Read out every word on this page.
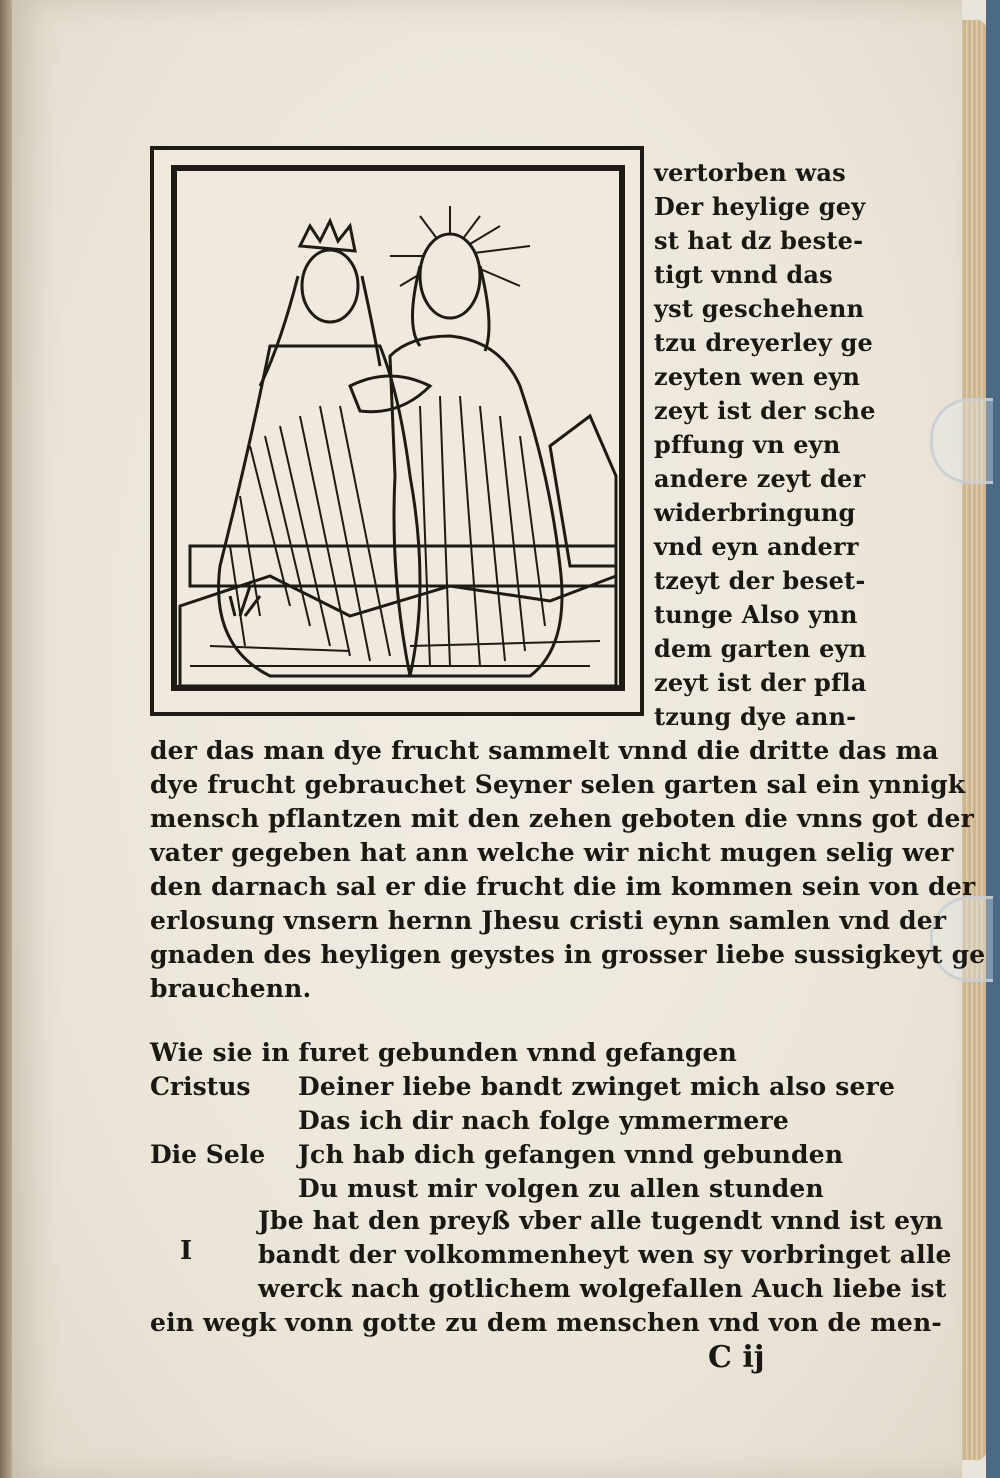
vertorben was

Der heylige gey

st hat dz beste-

tigt vnnd das

yst geschehenn

tzu dreyerley ge

zeyten wen eyn

zeyt ist der sche

pffung vn eyn

andere zeyt der

widerbringung

vnd eyn anderr

tzeyt der beset-

tunge Also ynn

dem garten eyn

zeyt ist der pfla

tzung dye ann-

der das man dye frucht sammelt vnnd die dritte das ma

dye frucht gebrauchet Seyner selen garten sal ein ynnigk

mensch pflantzen mit den zehen geboten die vnns got der

vater gegeben hat ann welche wir nicht mugen selig wer

den darnach sal er die frucht die im kommen sein von der

erlosung vnsern hernn Jhesu cristi eynn samlen vnd der

gnaden des heyligen geystes in grosser liebe sussigkeyt ge

brauchenn.

Wie sie in furet gebunden vnnd gefangen

Cristus Deiner liebe bandt zwinget mich also sere

Das ich dir nach folge ymmermere

Die Sele Jch hab dich gefangen vnnd gebunden

Du must mir volgen zu allen stunden

I

Jbe hat den preyß vber alle tugendt vnnd ist eyn

bandt der volkommenheyt wen sy vorbringet alle

werck nach gotlichem wolgefallen Auch liebe ist

ein wegk vonn gotte zu dem menschen vnd von de men-

C ij
